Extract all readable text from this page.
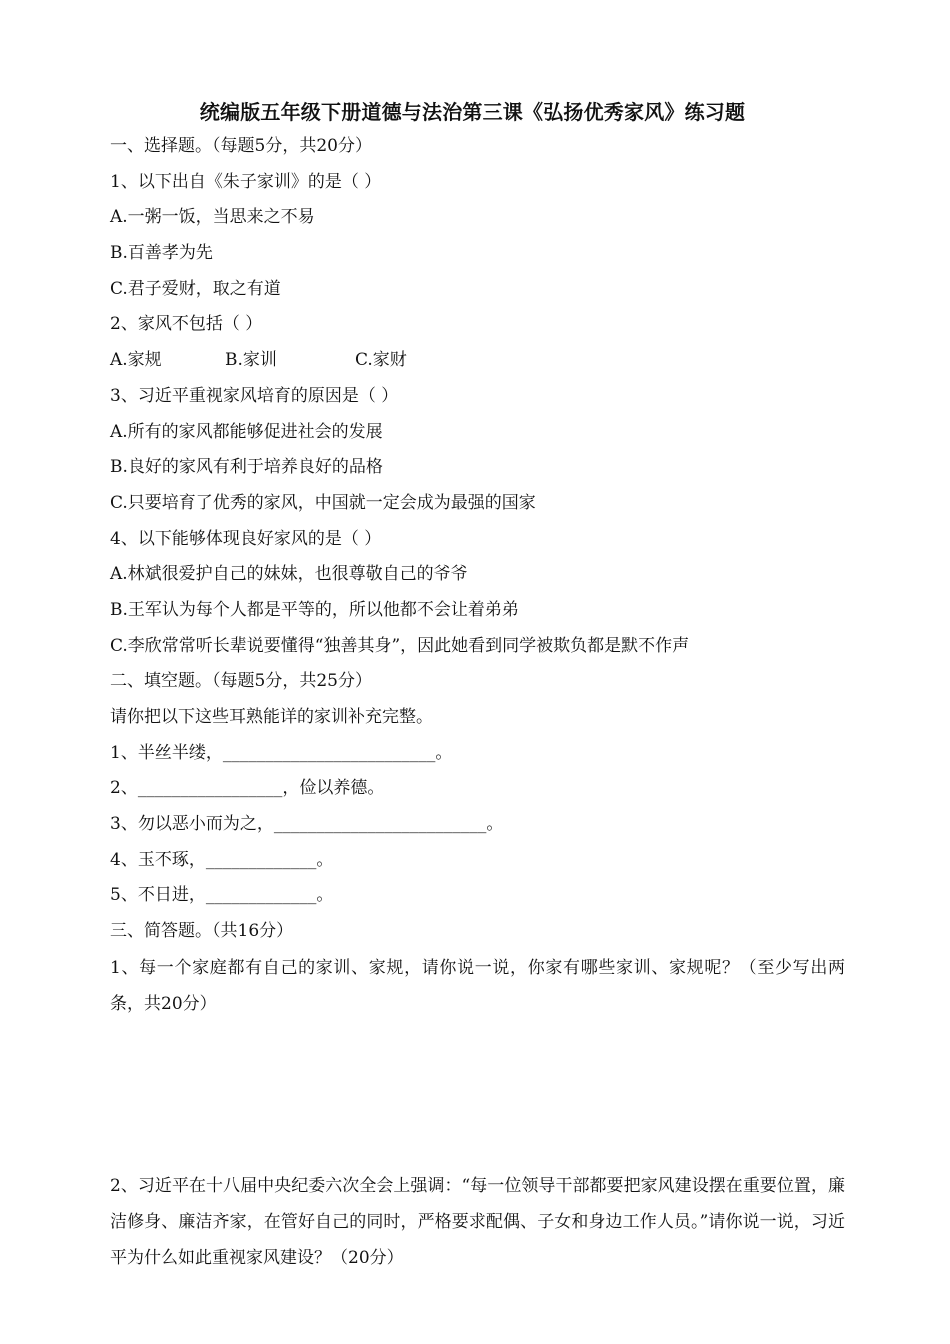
统编版五年级下册道德与法治第三课《弘扬优秀家风》练习题
一、选择题。（每题5分，共20分）
1、以下出自《朱子家训》的是（ ）
A.一粥一饭，当思来之不易
B.百善孝为先
C.君子爱财，取之有道
2、家风不包括（ ）
A.家规	B.家训	C.家财
3、习近平重视家风培育的原因是（ ）
A.所有的家风都能够促进社会的发展
B.良好的家风有利于培养良好的品格
C.只要培育了优秀的家风，中国就一定会成为最强的国家
4、以下能够体现良好家风的是（ ）
A.林斌很爱护自己的妹妹，也很尊敬自己的爷爷
B.王军认为每个人都是平等的，所以他都不会让着弟弟
C.李欣常常听长辈说要懂得“独善其身”，因此她看到同学被欺负都是默不作声
二、填空题。（每题5分，共25分）
请你把以下这些耳熟能详的家训补充完整。
1、半丝半缕，_________________________。
2、_________________，俭以养德。
3、勿以恶小而为之，_________________________。
4、玉不琢，_____________。
5、不日进，_____________。
三、简答题。（共16分）
1、每一个家庭都有自己的家训、家规，请你说一说，你家有哪些家训、家规呢？（至少写出两条，共20分）
2、习近平在十八届中央纪委六次全会上强调：“每一位领导干部都要把家风建设摆在重要位置，廉洁修身、廉洁齐家，在管好自己的同时，严格要求配偶、子女和身边工作人员。”请你说一说，习近平为什么如此重视家风建设？（20分）
